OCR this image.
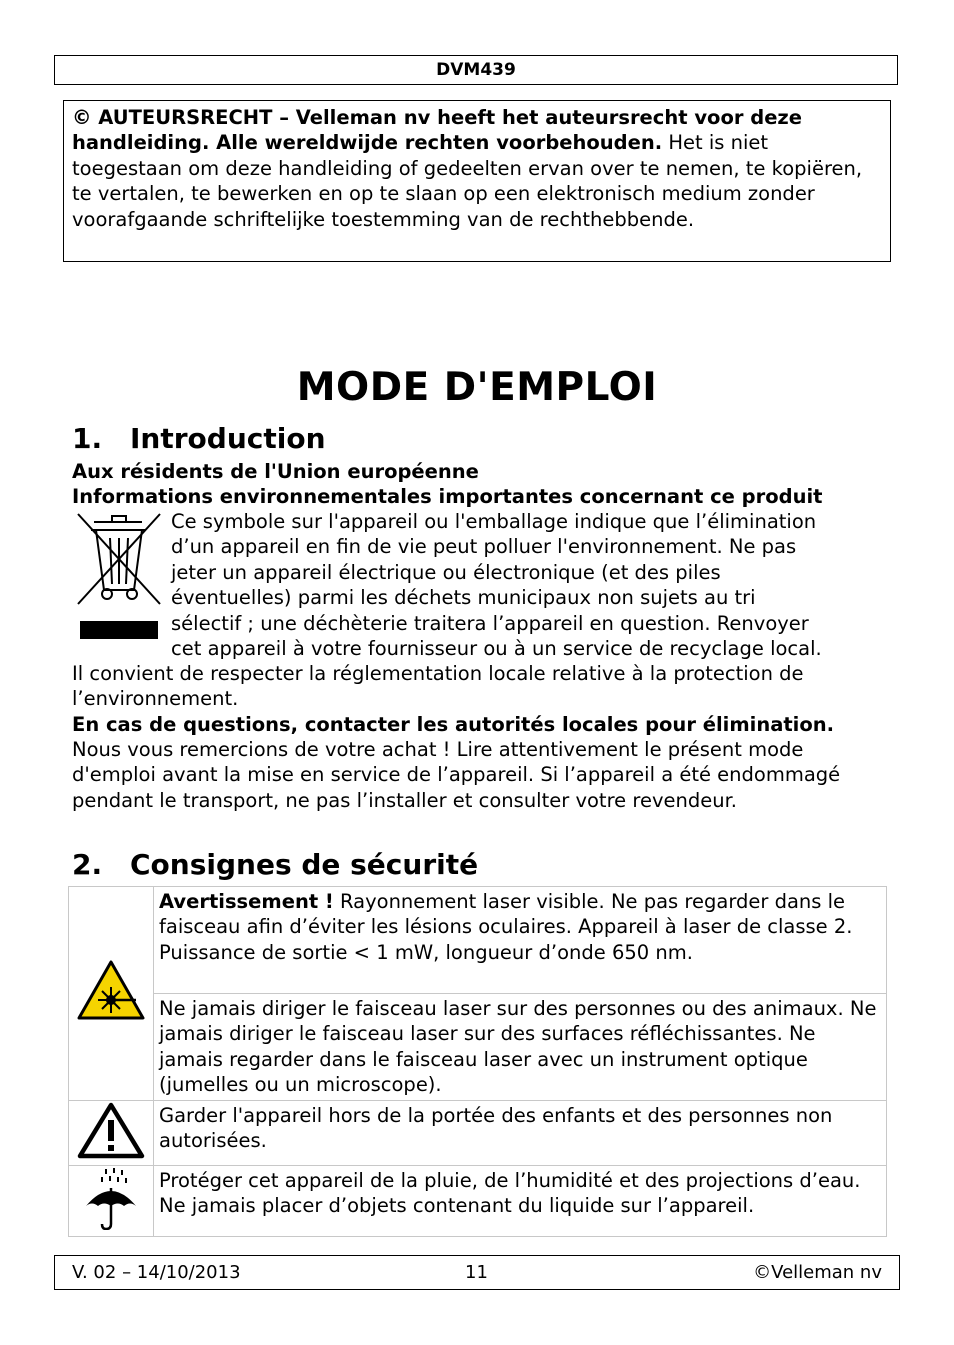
DVM439
© AUTEURSRECHT – Velleman nv heeft het auteursrecht voor deze handleiding. Alle wereldwijde rechten voorbehouden. Het is niet toegestaan om deze handleiding of gedeelten ervan over te nemen, te kopiëren, te vertalen, te bewerken en op te slaan op een elektronisch medium zonder voorafgaande schriftelijke toestemming van de rechthebbende.
MODE D'EMPLOI
1. Introduction
Aux résidents de l'Union européenne
Informations environnementales importantes concernant ce produit
Ce symbole sur l'appareil ou l'emballage indique que l’élimination
d’un appareil en fin de vie peut polluer l'environnement. Ne pas
jeter un appareil électrique ou électronique (et des piles
éventuelles) parmi les déchets municipaux non sujets au tri
sélectif ; une déchèterie traitera l’appareil en question. Renvoyer
cet appareil à votre fournisseur ou à un service de recyclage local.
Il convient de respecter la réglementation locale relative à la protection de l’environnement.
En cas de questions, contacter les autorités locales pour élimination.
Nous vous remercions de votre achat ! Lire attentivement le présent mode d'emploi avant la mise en service de l’appareil. Si l’appareil a été endommagé pendant le transport, ne pas l’installer et consulter votre revendeur.
2. Consignes de sécurité
	Avertissement ! Rayonnement laser visible. Ne pas regarder dans le faisceau afin d’éviter les lésions oculaires. Appareil à laser de classe 2.
Puissance de sortie < 1 mW, longueur d’onde 650 nm.
	Ne jamais diriger le faisceau laser sur des personnes ou des animaux. Ne jamais diriger le faisceau laser sur des surfaces réfléchissantes. Ne jamais regarder dans le faisceau laser avec un instrument optique (jumelles ou un microscope).
	Garder l'appareil hors de la portée des enfants et des personnes non autorisées.
	Protéger cet appareil de la pluie, de l’humidité et des projections d’eau. Ne jamais placer d’objets contenant du liquide sur l’appareil.
V. 02 – 14/10/2013	11	©Velleman nv
